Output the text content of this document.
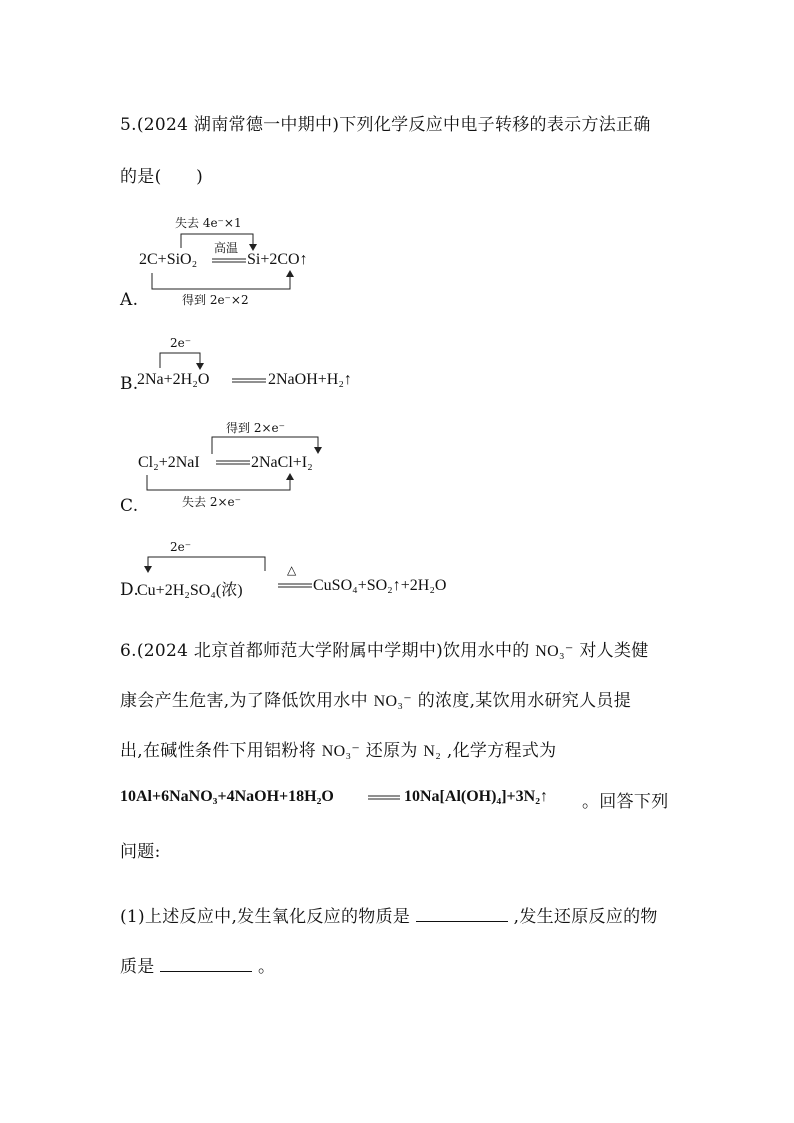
5.(2024 湖南常德一中期中)下列化学反应中电子转移的表示方法正确
的是(　　)
失去 4e⁻×1
高温
2C+SiO₂	Si+2CO↑
得到 2e⁻×2
A.
2e⁻
B.
2Na+2H₂O	2NaOH+H₂↑
得到 2×e⁻
Cl₂+2NaI	2NaCl+I₂
失去 2×e⁻
C.
2e⁻
△
D.
Cu+2H₂SO₄(浓)	CuSO₄+SO₂↑+2H₂O
6.(2024 北京首都师范大学附属中学期中)饮用水中的 NO₃⁻ 对人类健
康会产生危害,为了降低饮用水中 NO₃⁻ 的浓度,某饮用水研究人员提
出,在碱性条件下用铝粉将 NO₃⁻ 还原为 N₂ ,化学方程式为
10Al+6NaNO₃+4NaOH+18H₂O	10Na[Al(OH)₄]+3N₂↑ 。回答下列
问题:
(1)上述反应中,发生氧化反应的物质是	,发生还原反应的物
质是	。
